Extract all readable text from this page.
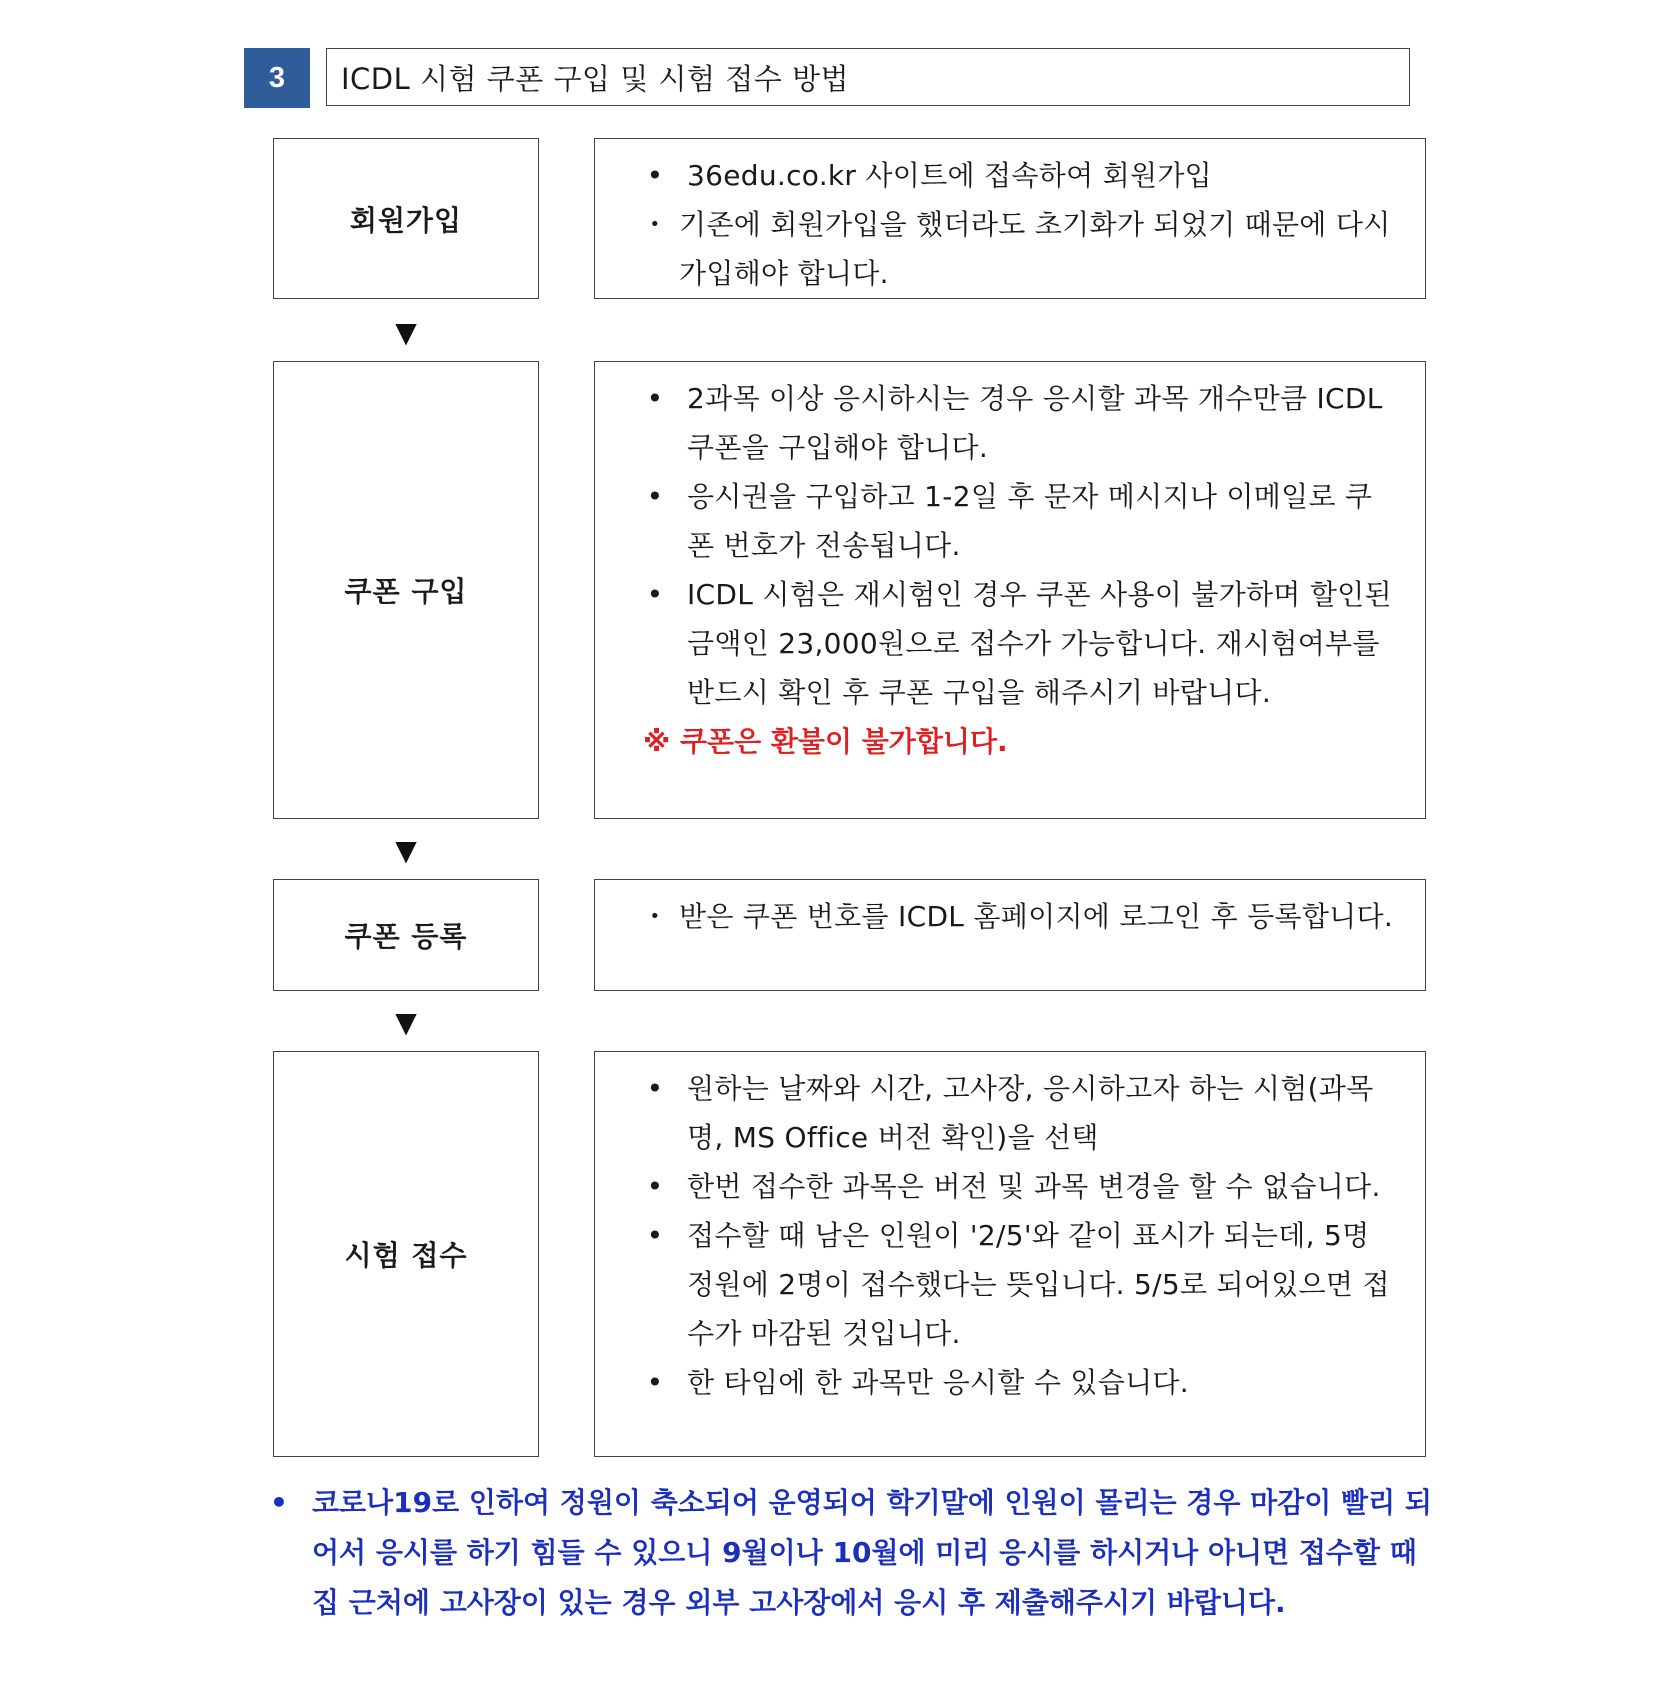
3	ICDL 시험 쿠폰 구입 및 시험 접수 방법
회원가입
• 36edu.co.kr 사이트에 접속하여 회원가입
• 기존에 회원가입을 했더라도 초기화가 되었기 때문에 다시 가입해야 합니다.
▼
쿠폰 구입
• 2과목 이상 응시하시는 경우 응시할 과목 개수만큼 ICDL쿠폰을 구입해야 합니다.
• 응시권을 구입하고 1-2일 후 문자 메시지나 이메일로 쿠폰 번호가 전송됩니다.
• ICDL 시험은 재시험인 경우 쿠폰 사용이 불가하며 할인된 금액인 23,000원으로 접수가 가능합니다. 재시험여부를 반드시 확인 후 쿠폰 구입을 해주시기 바랍니다.
※ 쿠폰은 환불이 불가합니다.
▼
쿠폰 등록
• 받은 쿠폰 번호를 ICDL 홈페이지에 로그인 후 등록합니다.
▼
시험 접수
• 원하는 날짜와 시간, 고사장, 응시하고자 하는 시험(과목명, MS Office 버전 확인)을 선택
• 한번 접수한 과목은 버전 및 과목 변경을 할 수 없습니다.
• 접수할 때 남은 인원이 '2/5'와 같이 표시가 되는데, 5명 정원에 2명이 접수했다는 뜻입니다. 5/5로 되어있으면 접수가 마감된 것입니다.
• 한 타임에 한 과목만 응시할 수 있습니다.
• 코로나19로 인하여 정원이 축소되어 운영되어 학기말에 인원이 몰리는 경우 마감이 빨리 되어서 응시를 하기 힘들 수 있으니 9월이나 10월에 미리 응시를 하시거나 아니면 접수할 때 집 근처에 고사장이 있는 경우 외부 고사장에서 응시 후 제출해주시기 바랍니다.
